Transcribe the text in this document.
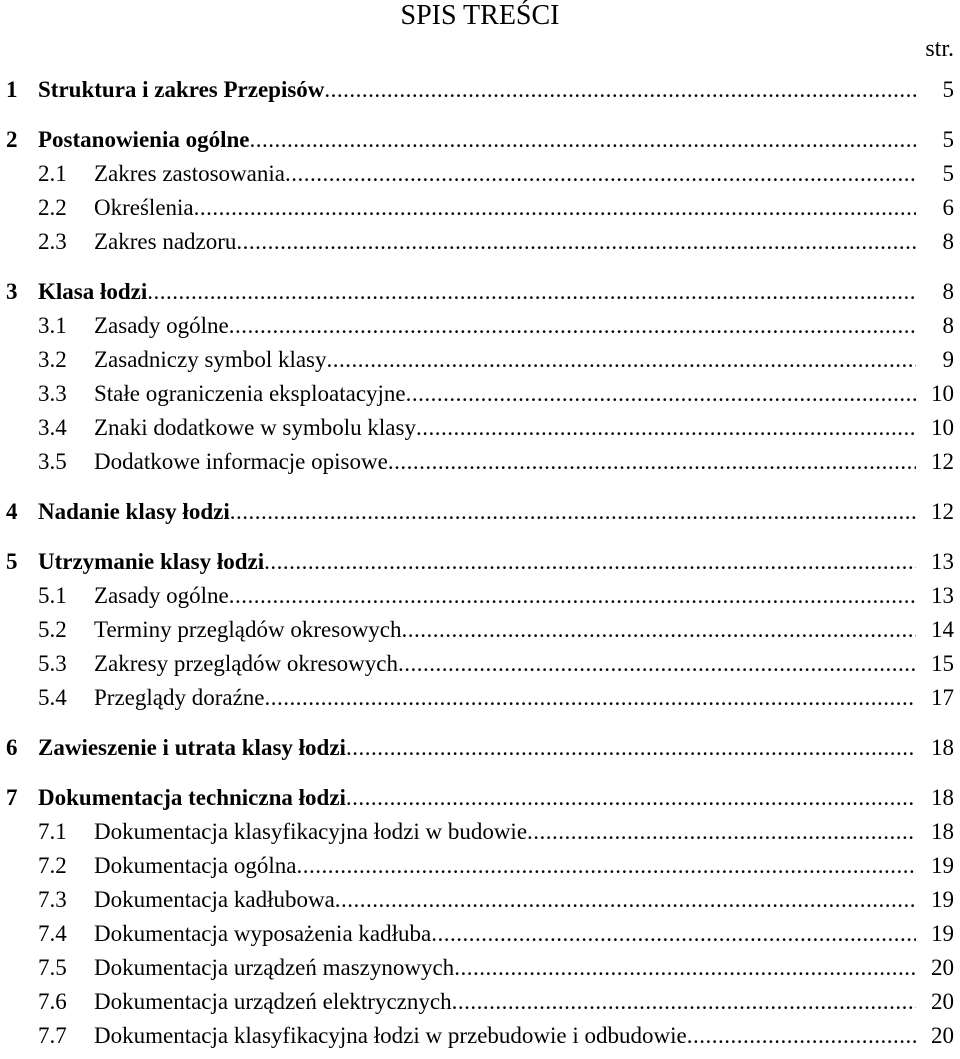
SPIS TREŚCI
str.
1 Struktura i zakres Przepisów .....	5
2 Postanowienia ogólne .....	5
2.1 Zakres zastosowania .....	5
2.2 Określenia .....	6
2.3 Zakres nadzoru .....	8
3 Klasa łodzi .....	8
3.1 Zasady ogólne .....	8
3.2 Zasadniczy symbol klasy .....	9
3.3 Stałe ograniczenia eksploatacyjne .....	10
3.4 Znaki dodatkowe w symbolu klasy .....	10
3.5 Dodatkowe informacje opisowe .....	12
4 Nadanie klasy łodzi .....	12
5 Utrzymanie klasy łodzi .....	13
5.1 Zasady ogólne .....	13
5.2 Terminy przeglądów okresowych .....	14
5.3 Zakresy przeglądów okresowych .....	15
5.4 Przeglądy doraźne .....	17
6 Zawieszenie i utrata klasy łodzi .....	18
7 Dokumentacja techniczna łodzi .....	18
7.1 Dokumentacja klasyfikacyjna łodzi w budowie .....	18
7.2 Dokumentacja ogólna .....	19
7.3 Dokumentacja kadłubowa .....	19
7.4 Dokumentacja wyposażenia kadłuba .....	19
7.5 Dokumentacja urządzeń maszynowych .....	20
7.6 Dokumentacja urządzeń elektrycznych .....	20
7.7 Dokumentacja klasyfikacyjna łodzi w przebudowie i odbudowie .....	20
